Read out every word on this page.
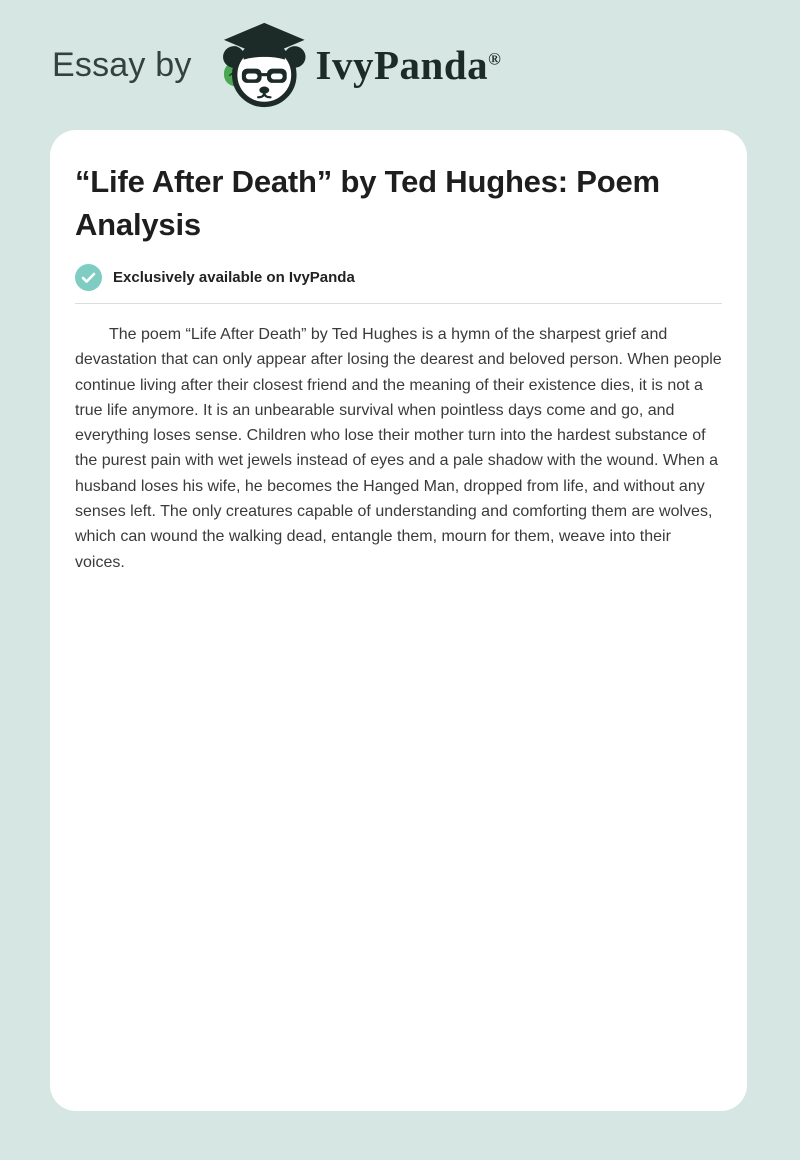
Essay by	IvyPanda®
“Life After Death” by Ted Hughes: Poem Analysis
Exclusively available on IvyPanda

The poem “Life After Death” by Ted Hughes is a hymn of the sharpest grief and devastation that can only appear after losing the dearest and beloved person. When people continue living after their closest friend and the meaning of their existence dies, it is not a true life anymore. It is an unbearable survival when pointless days come and go, and everything loses sense. Children who lose their mother turn into the hardest substance of the purest pain with wet jewels instead of eyes and a pale shadow with the wound. When a husband loses his wife, he becomes the Hanged Man, dropped from life, and without any senses left. The only creatures capable of understanding and comforting them are wolves, which can wound the walking dead, entangle them, mourn for them, weave into their voices.
